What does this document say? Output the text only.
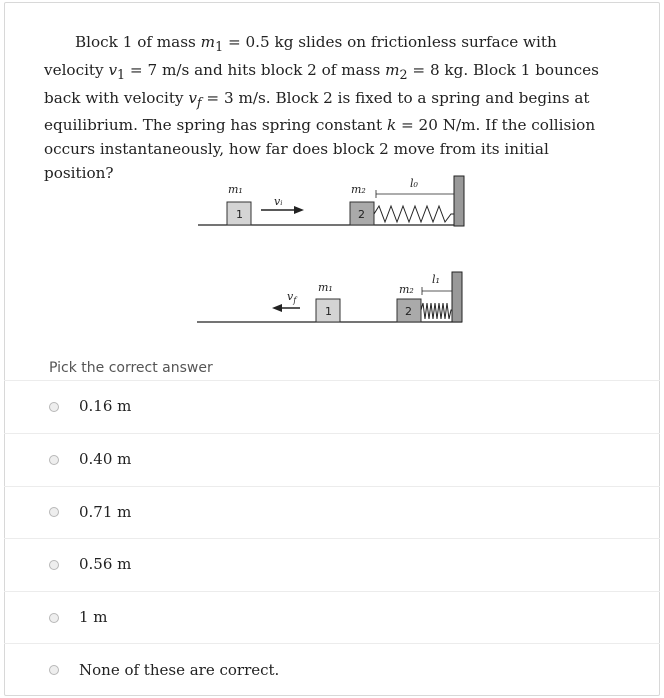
Block 1 of mass $m_1 = 0.5$ kg slides on frictionless surface with velocity $v_1 = 7$ m/s and hits block 2 of mass $m_2 = 8$ kg. Block 1 bounces back with velocity $v_f = 3$ m/s. Block 2 is fixed to a spring and begins at equilibrium. The spring has spring constant k = 20 N/m. If the collision occurs instantaneously, how far does block 2 move from its initial position?

m₁
1
vᵢ
m₂
2
l₀
$v_f$
m₁
1
m₂
2
l₁
Pick the correct answer
0.16 m
0.40 m
0.71 m
0.56 m
1 m
None of these are correct.
